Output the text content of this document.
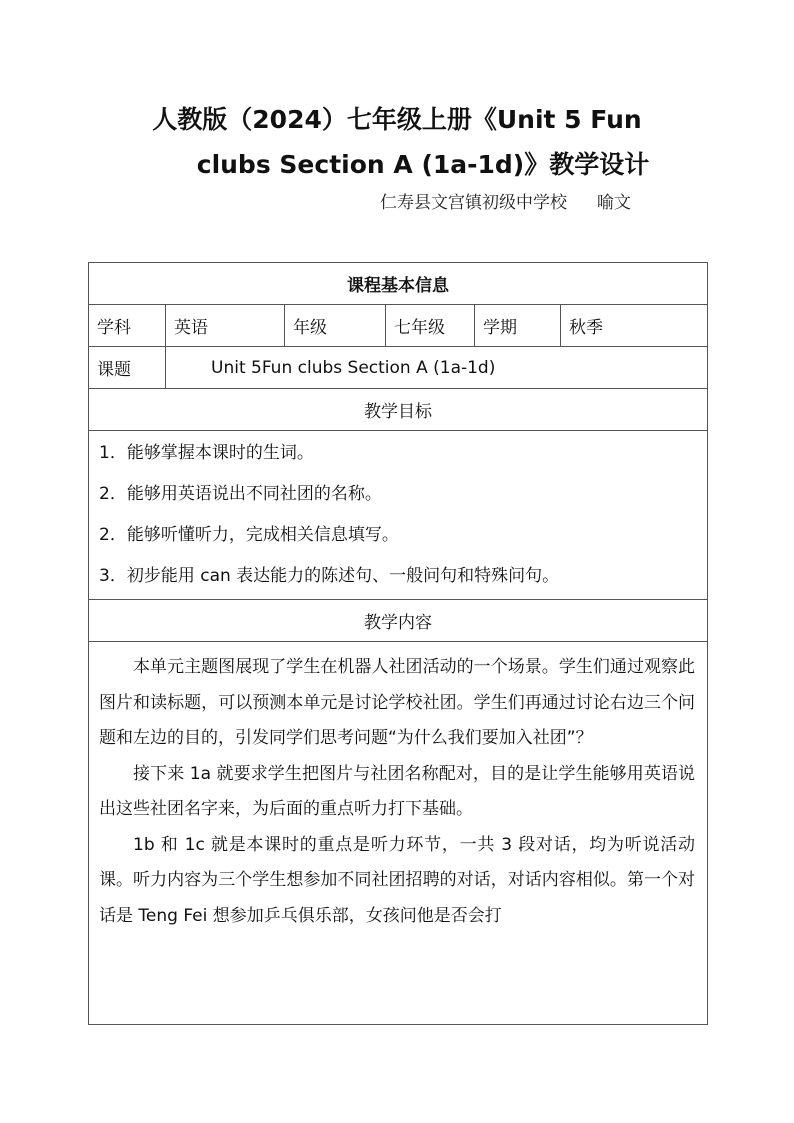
人教版（2024）七年级上册《Unit 5 Fun
clubs Section A (1a-1d)》教学设计
仁寿县文宫镇初级中学校 喻文
课程基本信息					
学科	英语	年级	七年级	学期	秋季
课题	Unit 5Fun clubs Section A (1a-1d)				
教学目标					

1．能够掌握本课时的生词。
2．能够用英语说出不同社团的名称。
2．能够听懂听力，完成相关信息填写。
3．初步能用 can 表达能力的陈述句、一般问句和特殊问句。					

教学内容					

本单元主题图展现了学生在机器人社团活动的一个场景。学生们通过观察此图片和读标题，可以预测本单元是讨论学校社团。学生们再通过讨论右边三个问题和左边的目的，引发同学们思考问题“为什么我们要加入社团”？

接下来 1a 就要求学生把图片与社团名称配对，目的是让学生能够用英语说出这些社团名字来，为后面的重点听力打下基础。

1b 和 1c 就是本课时的重点是听力环节，一共 3 段对话，均为听说活动课。听力内容为三个学生想参加不同社团招聘的对话，对话内容相似。第一个对话是 Teng Fei 想参加乒乓俱乐部，女孩问他是否会打					
